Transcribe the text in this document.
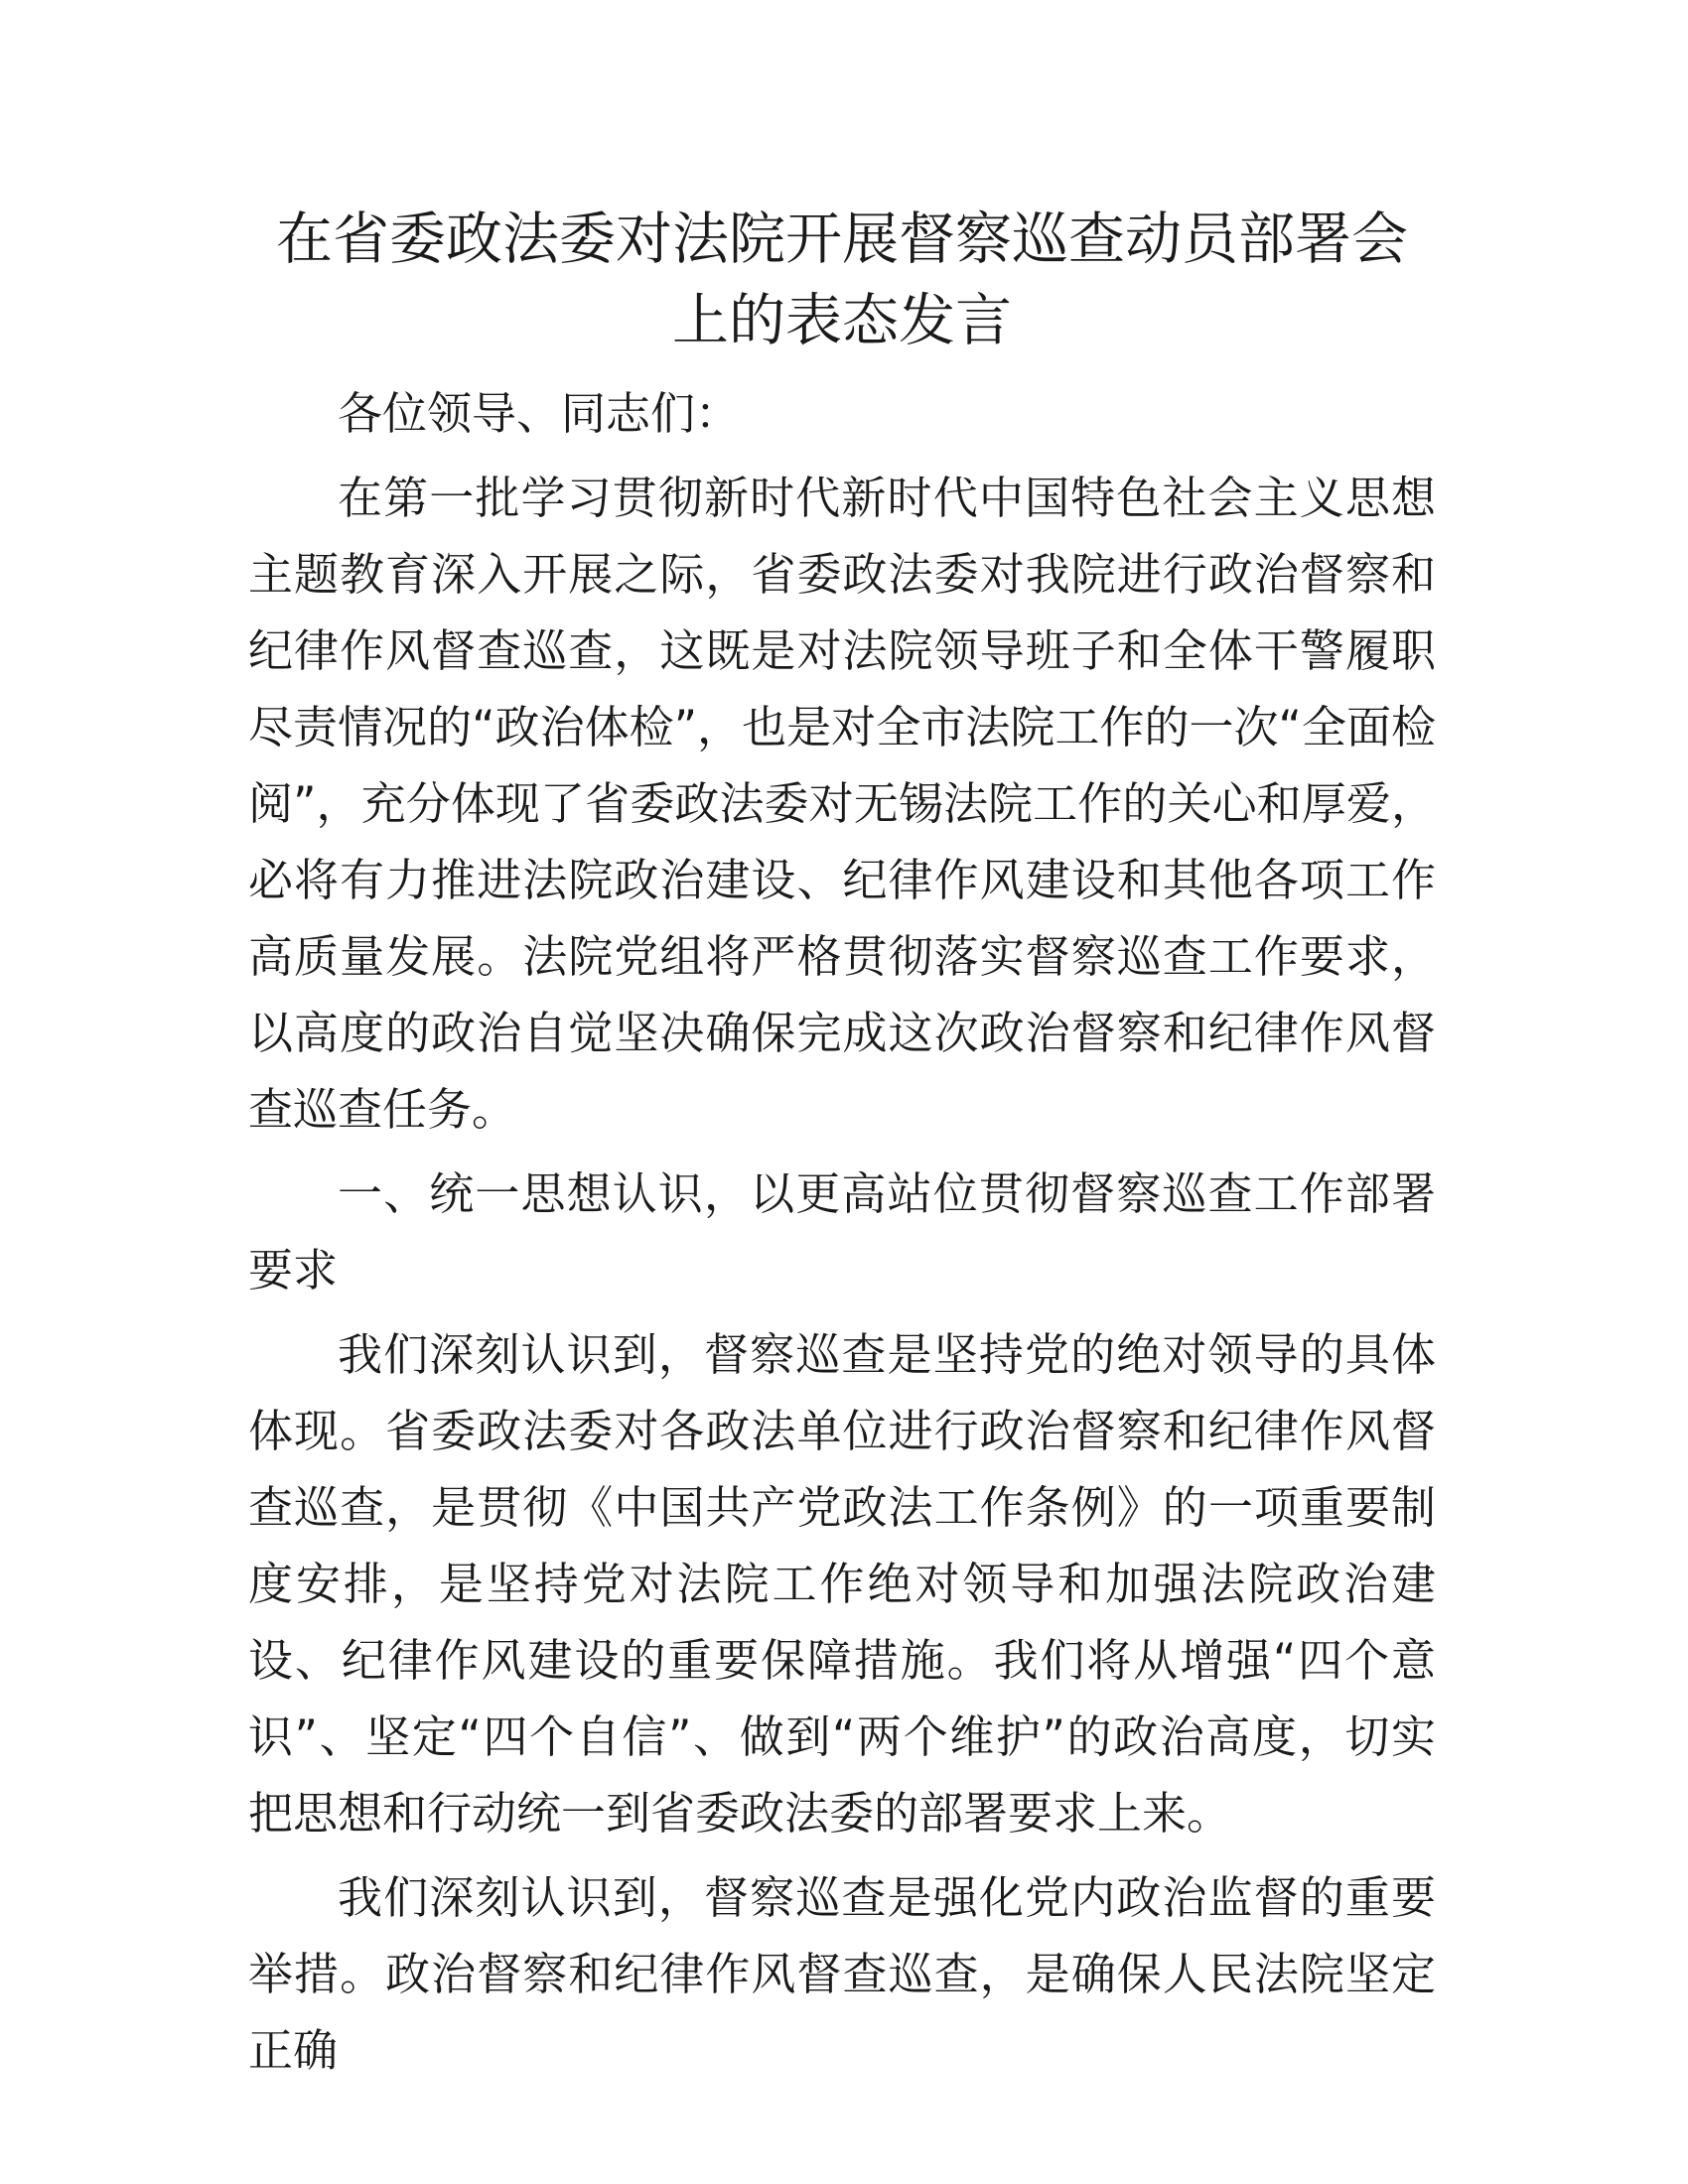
在省委政法委对法院开展督察巡查动员部署会上的表态发言

各位领导、同志们：

在第一批学习贯彻新时代新时代中国特色社会主义思想主题教育深入开展之际，省委政法委对我院进行政治督察和纪律作风督查巡查，这既是对法院领导班子和全体干警履职尽责情况的“政治体检”，也是对全市法院工作的一次“全面检阅”，充分体现了省委政法委对无锡法院工作的关心和厚爱，必将有力推进法院政治建设、纪律作风建设和其他各项工作高质量发展。法院党组将严格贯彻落实督察巡查工作要求，以高度的政治自觉坚决确保完成这次政治督察和纪律作风督查巡查任务。

一、统一思想认识，以更高站位贯彻督察巡查工作部署要求

我们深刻认识到，督察巡查是坚持党的绝对领导的具体体现。省委政法委对各政法单位进行政治督察和纪律作风督查巡查，是贯彻《中国共产党政法工作条例》的一项重要制度安排，是坚持党对法院工作绝对领导和加强法院政治建设、纪律作风建设的重要保障措施。我们将从增强“四个意识”、坚定“四个自信”、做到“两个维护”的政治高度，切实把思想和行动统一到省委政法委的部署要求上来。

我们深刻认识到，督察巡查是强化党内政治监督的重要举措。政治督察和纪律作风督查巡查，是确保人民法院坚定正确
